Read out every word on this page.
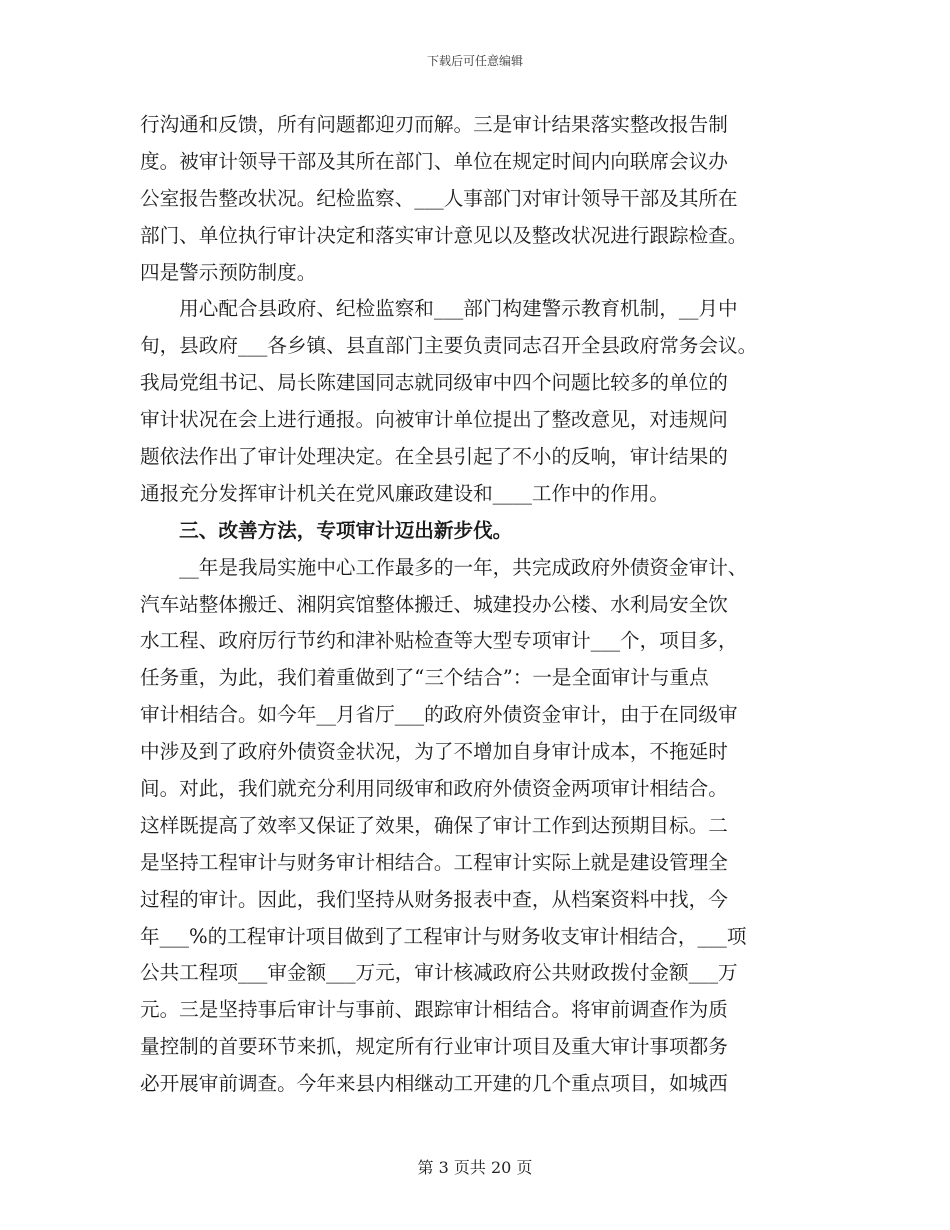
下载后可任意编辑
行沟通和反馈，所有问题都迎刃而解。三是审计结果落实整改报告制
度。被审计领导干部及其所在部门、单位在规定时间内向联席会议办
公室报告整改状况。纪检监察、___人事部门对审计领导干部及其所在
部门、单位执行审计决定和落实审计意见以及整改状况进行跟踪检查。
四是警示预防制度。
　　用心配合县政府、纪检监察和___部门构建警示教育机制，__月中
旬，县政府___各乡镇、县直部门主要负责同志召开全县政府常务会议。
我局党组书记、局长陈建国同志就同级审中四个问题比较多的单位的
审计状况在会上进行通报。向被审计单位提出了整改意见，对违规问
题依法作出了审计处理决定。在全县引起了不小的反响，审计结果的
通报充分发挥审计机关在党风廉政建设和____工作中的作用。
　　三、改善方法，专项审计迈出新步伐。
　　__年是我局实施中心工作最多的一年，共完成政府外债资金审计、
汽车站整体搬迁、湘阴宾馆整体搬迁、城建投办公楼、水利局安全饮
水工程、政府厉行节约和津补贴检查等大型专项审计___个，项目多，
任务重，为此，我们着重做到了“三个结合”：一是全面审计与重点
审计相结合。如今年__月省厅___的政府外债资金审计，由于在同级审
中涉及到了政府外债资金状况，为了不增加自身审计成本，不拖延时
间。对此，我们就充分利用同级审和政府外债资金两项审计相结合。
这样既提高了效率又保证了效果，确保了审计工作到达预期目标。二
是坚持工程审计与财务审计相结合。工程审计实际上就是建设管理全
过程的审计。因此，我们坚持从财务报表中查，从档案资料中找，今
年___%的工程审计项目做到了工程审计与财务收支审计相结合，___项
公共工程项___审金额___万元，审计核减政府公共财政拨付金额___万
元。三是坚持事后审计与事前、跟踪审计相结合。将审前调查作为质
量控制的首要环节来抓，规定所有行业审计项目及重大审计事项都务
必开展审前调查。今年来县内相继动工开建的几个重点项目，如城西
第 3 页共 20 页
